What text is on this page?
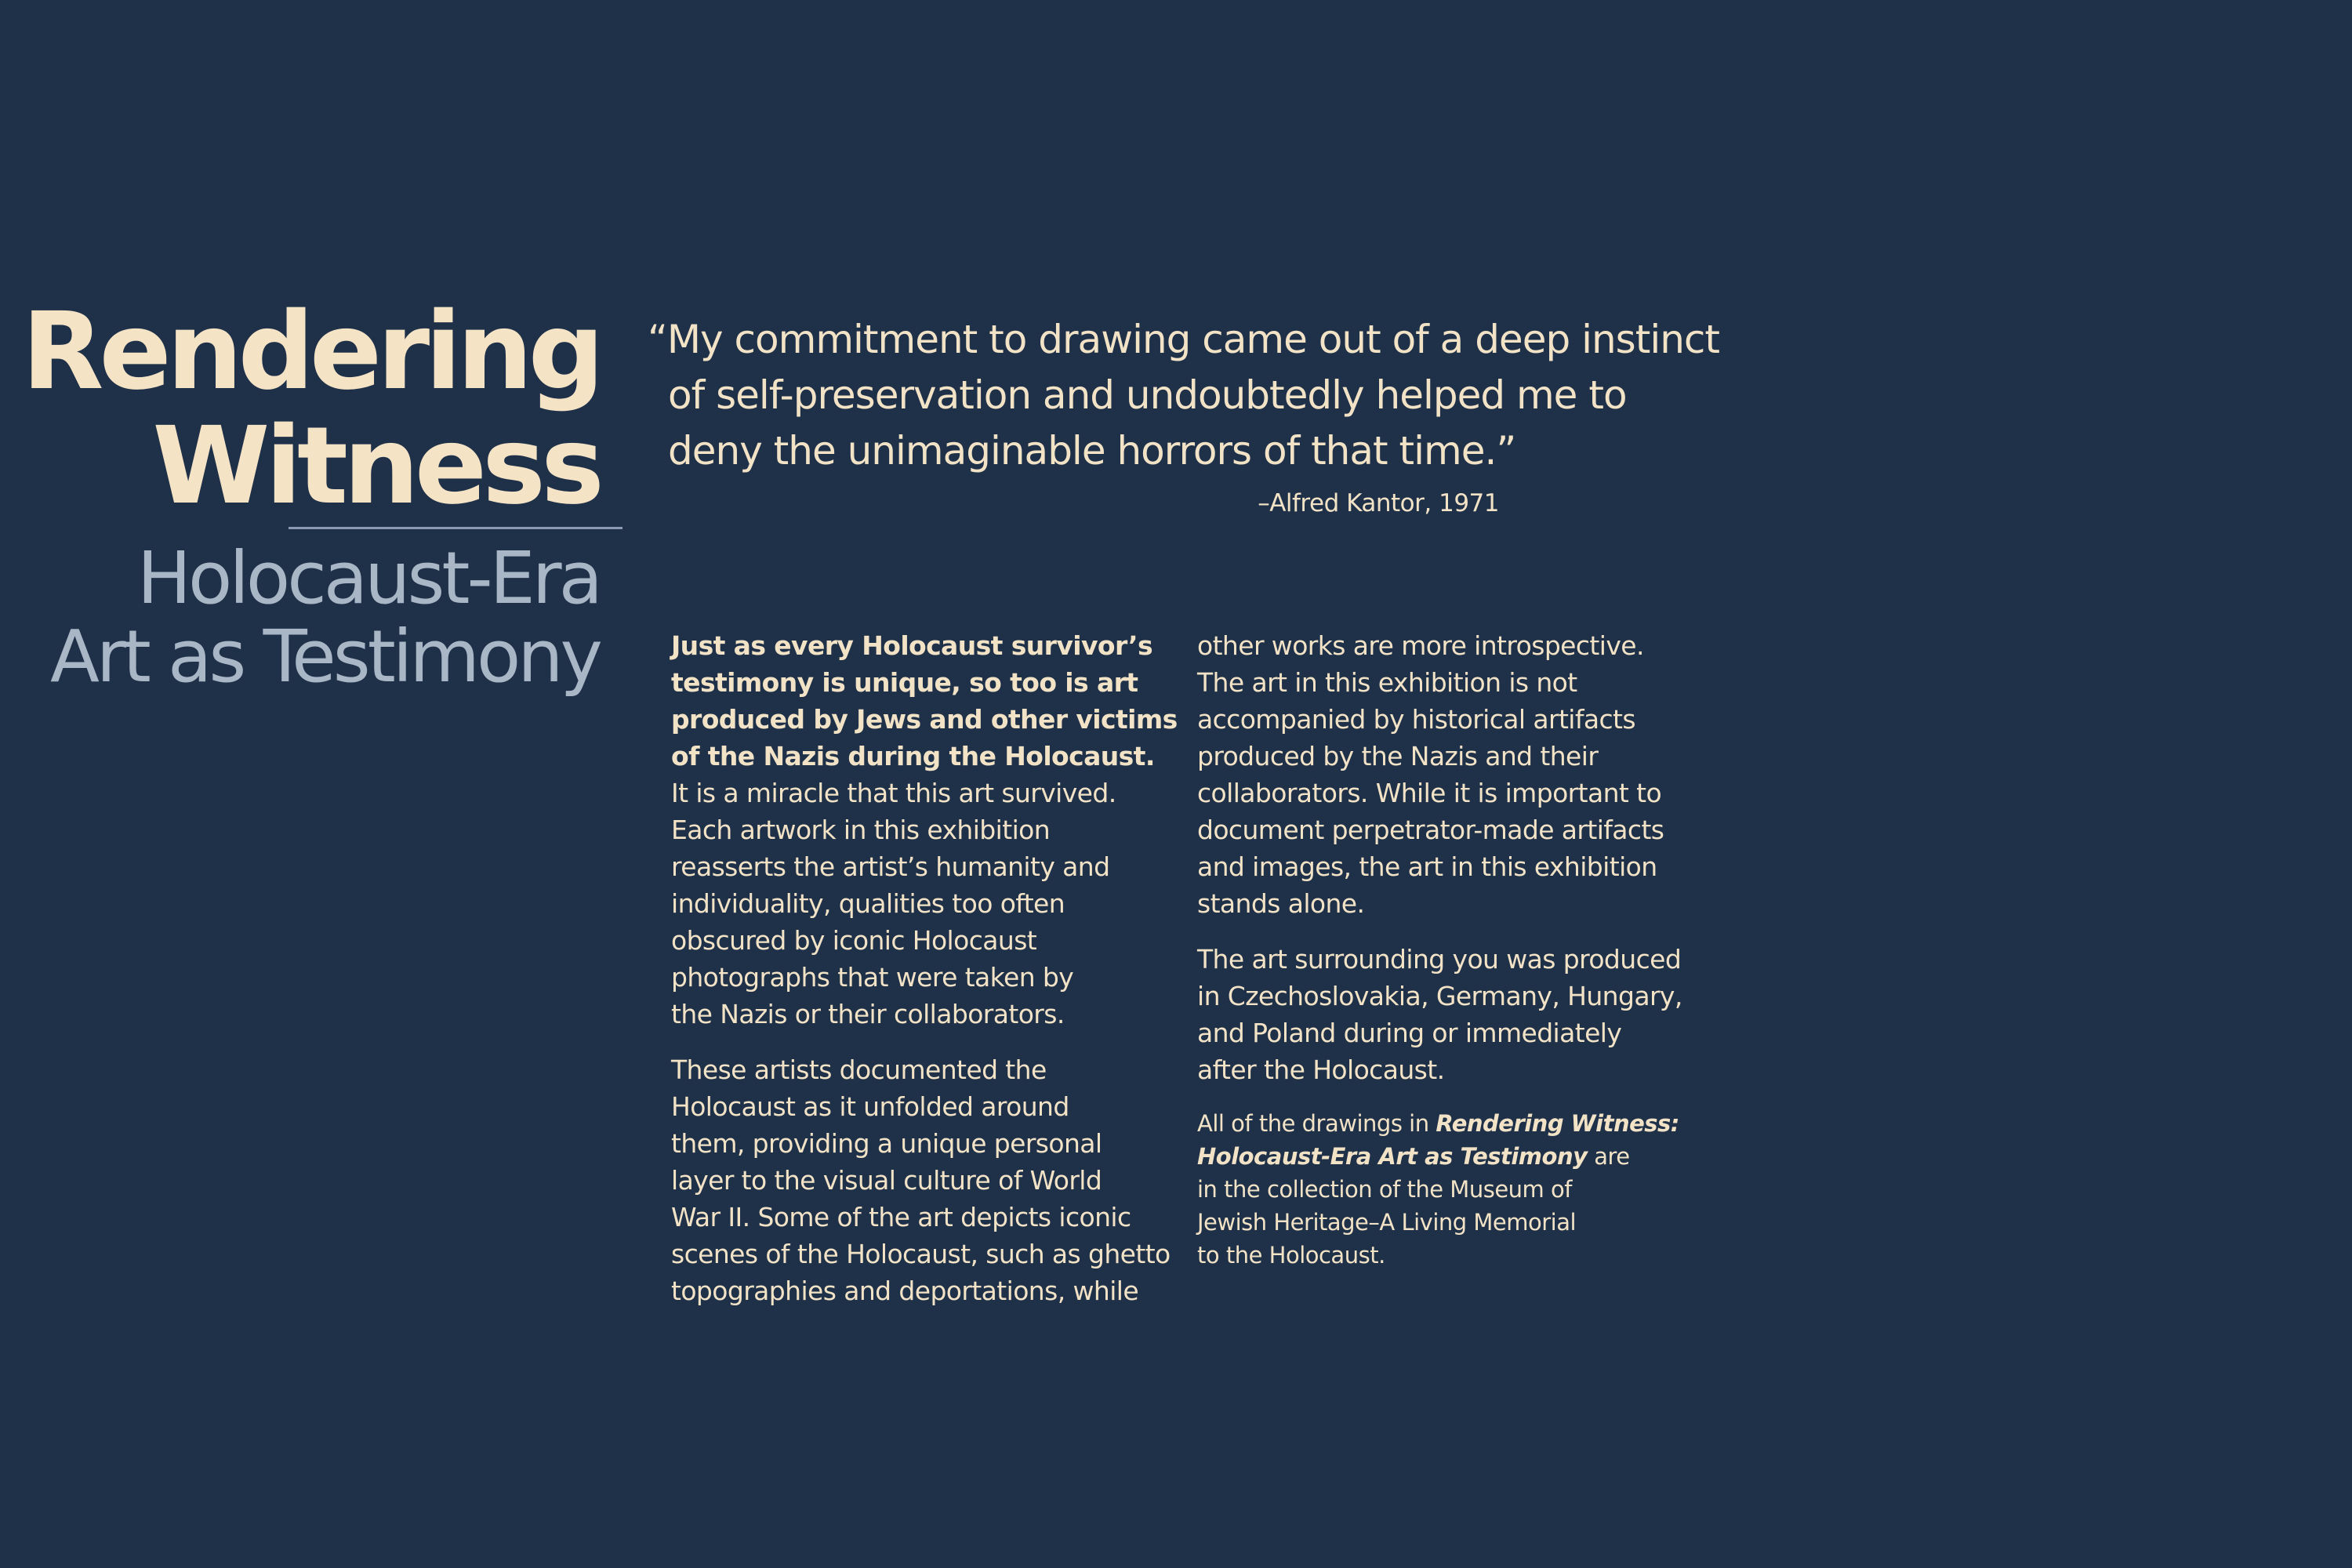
Rendering
Witness
Holocaust-Era
Art as Testimony
“My commitment to drawing came out of a deep instinct
of self-preservation and undoubtedly helped me to
deny the unimaginable horrors of that time.”
–Alfred Kantor, 1971

Just as every Holocaust survivor’s

testimony is unique, so too is art

produced by Jews and other victims

of the Nazis during the Holocaust.

It is a miracle that this art survived.

Each artwork in this exhibition

reasserts the artist’s humanity and

individuality, qualities too often

obscured by iconic Holocaust

photographs that were taken by

the Nazis or their collaborators.

These artists documented the

Holocaust as it unfolded around

them, providing a unique personal

layer to the visual culture of World

War II. Some of the art depicts iconic

scenes of the Holocaust, such as ghetto

topographies and deportations, while

other works are more introspective.

The art in this exhibition is not

accompanied by historical artifacts

produced by the Nazis and their

collaborators. While it is important to

document perpetrator-made artifacts

and images, the art in this exhibition

stands alone.

The art surrounding you was produced

in Czechoslovakia, Germany, Hungary,

and Poland during or immediately

after the Holocaust.

All of the drawings in Rendering Witness:

Holocaust-Era Art as Testimony are

in the collection of the Museum of

Jewish Heritage–A Living Memorial

to the Holocaust.
